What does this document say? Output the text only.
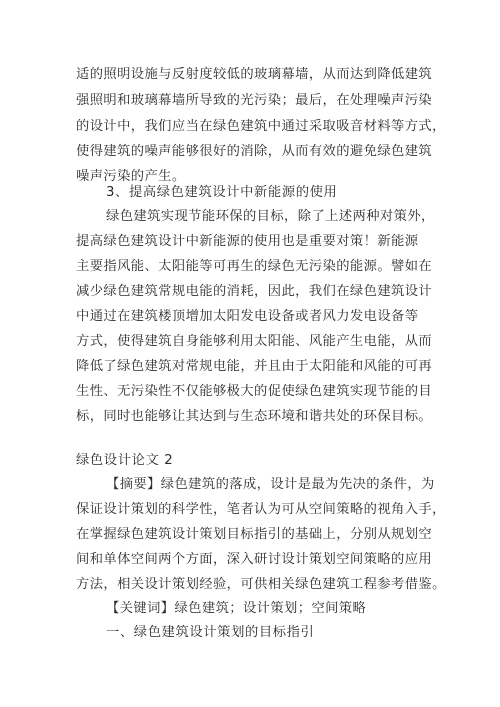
适的照明设施与反射度较低的玻璃幕墙，从而达到降低建筑
强照明和玻璃幕墙所导致的光污染；最后，在处理噪声污染
的设计中，我们应当在绿色建筑中通过采取吸音材料等方式，
使得建筑的噪声能够很好的消除，从而有效的避免绿色建筑
噪声污染的产生。
3、提高绿色建筑设计中新能源的使用
绿色建筑实现节能环保的目标，除了上述两种对策外，
提高绿色建筑设计中新能源的使用也是重要对策！新能源
主要指风能、太阳能等可再生的绿色无污染的能源。譬如在
减少绿色建筑常规电能的消耗，因此，我们在绿色建筑设计
中通过在建筑楼顶增加太阳发电设备或者风力发电设备等
方式，使得建筑自身能够利用太阳能、风能产生电能，从而
降低了绿色建筑对常规电能，并且由于太阳能和风能的可再
生性、无污染性不仅能够极大的促使绿色建筑实现节能的目
标，同时也能够让其达到与生态环境和谐共处的环保目标。
绿色设计论文 2
【摘要】绿色建筑的落成，设计是最为先决的条件，为
保证设计策划的科学性，笔者认为可从空间策略的视角入手，
在掌握绿色建筑设计策划目标指引的基础上，分别从规划空
间和单体空间两个方面，深入研讨设计策划空间策略的应用
方法，相关设计策划经验，可供相关绿色建筑工程参考借鉴。
【关键词】绿色建筑；设计策划；空间策略
一、绿色建筑设计策划的目标指引
